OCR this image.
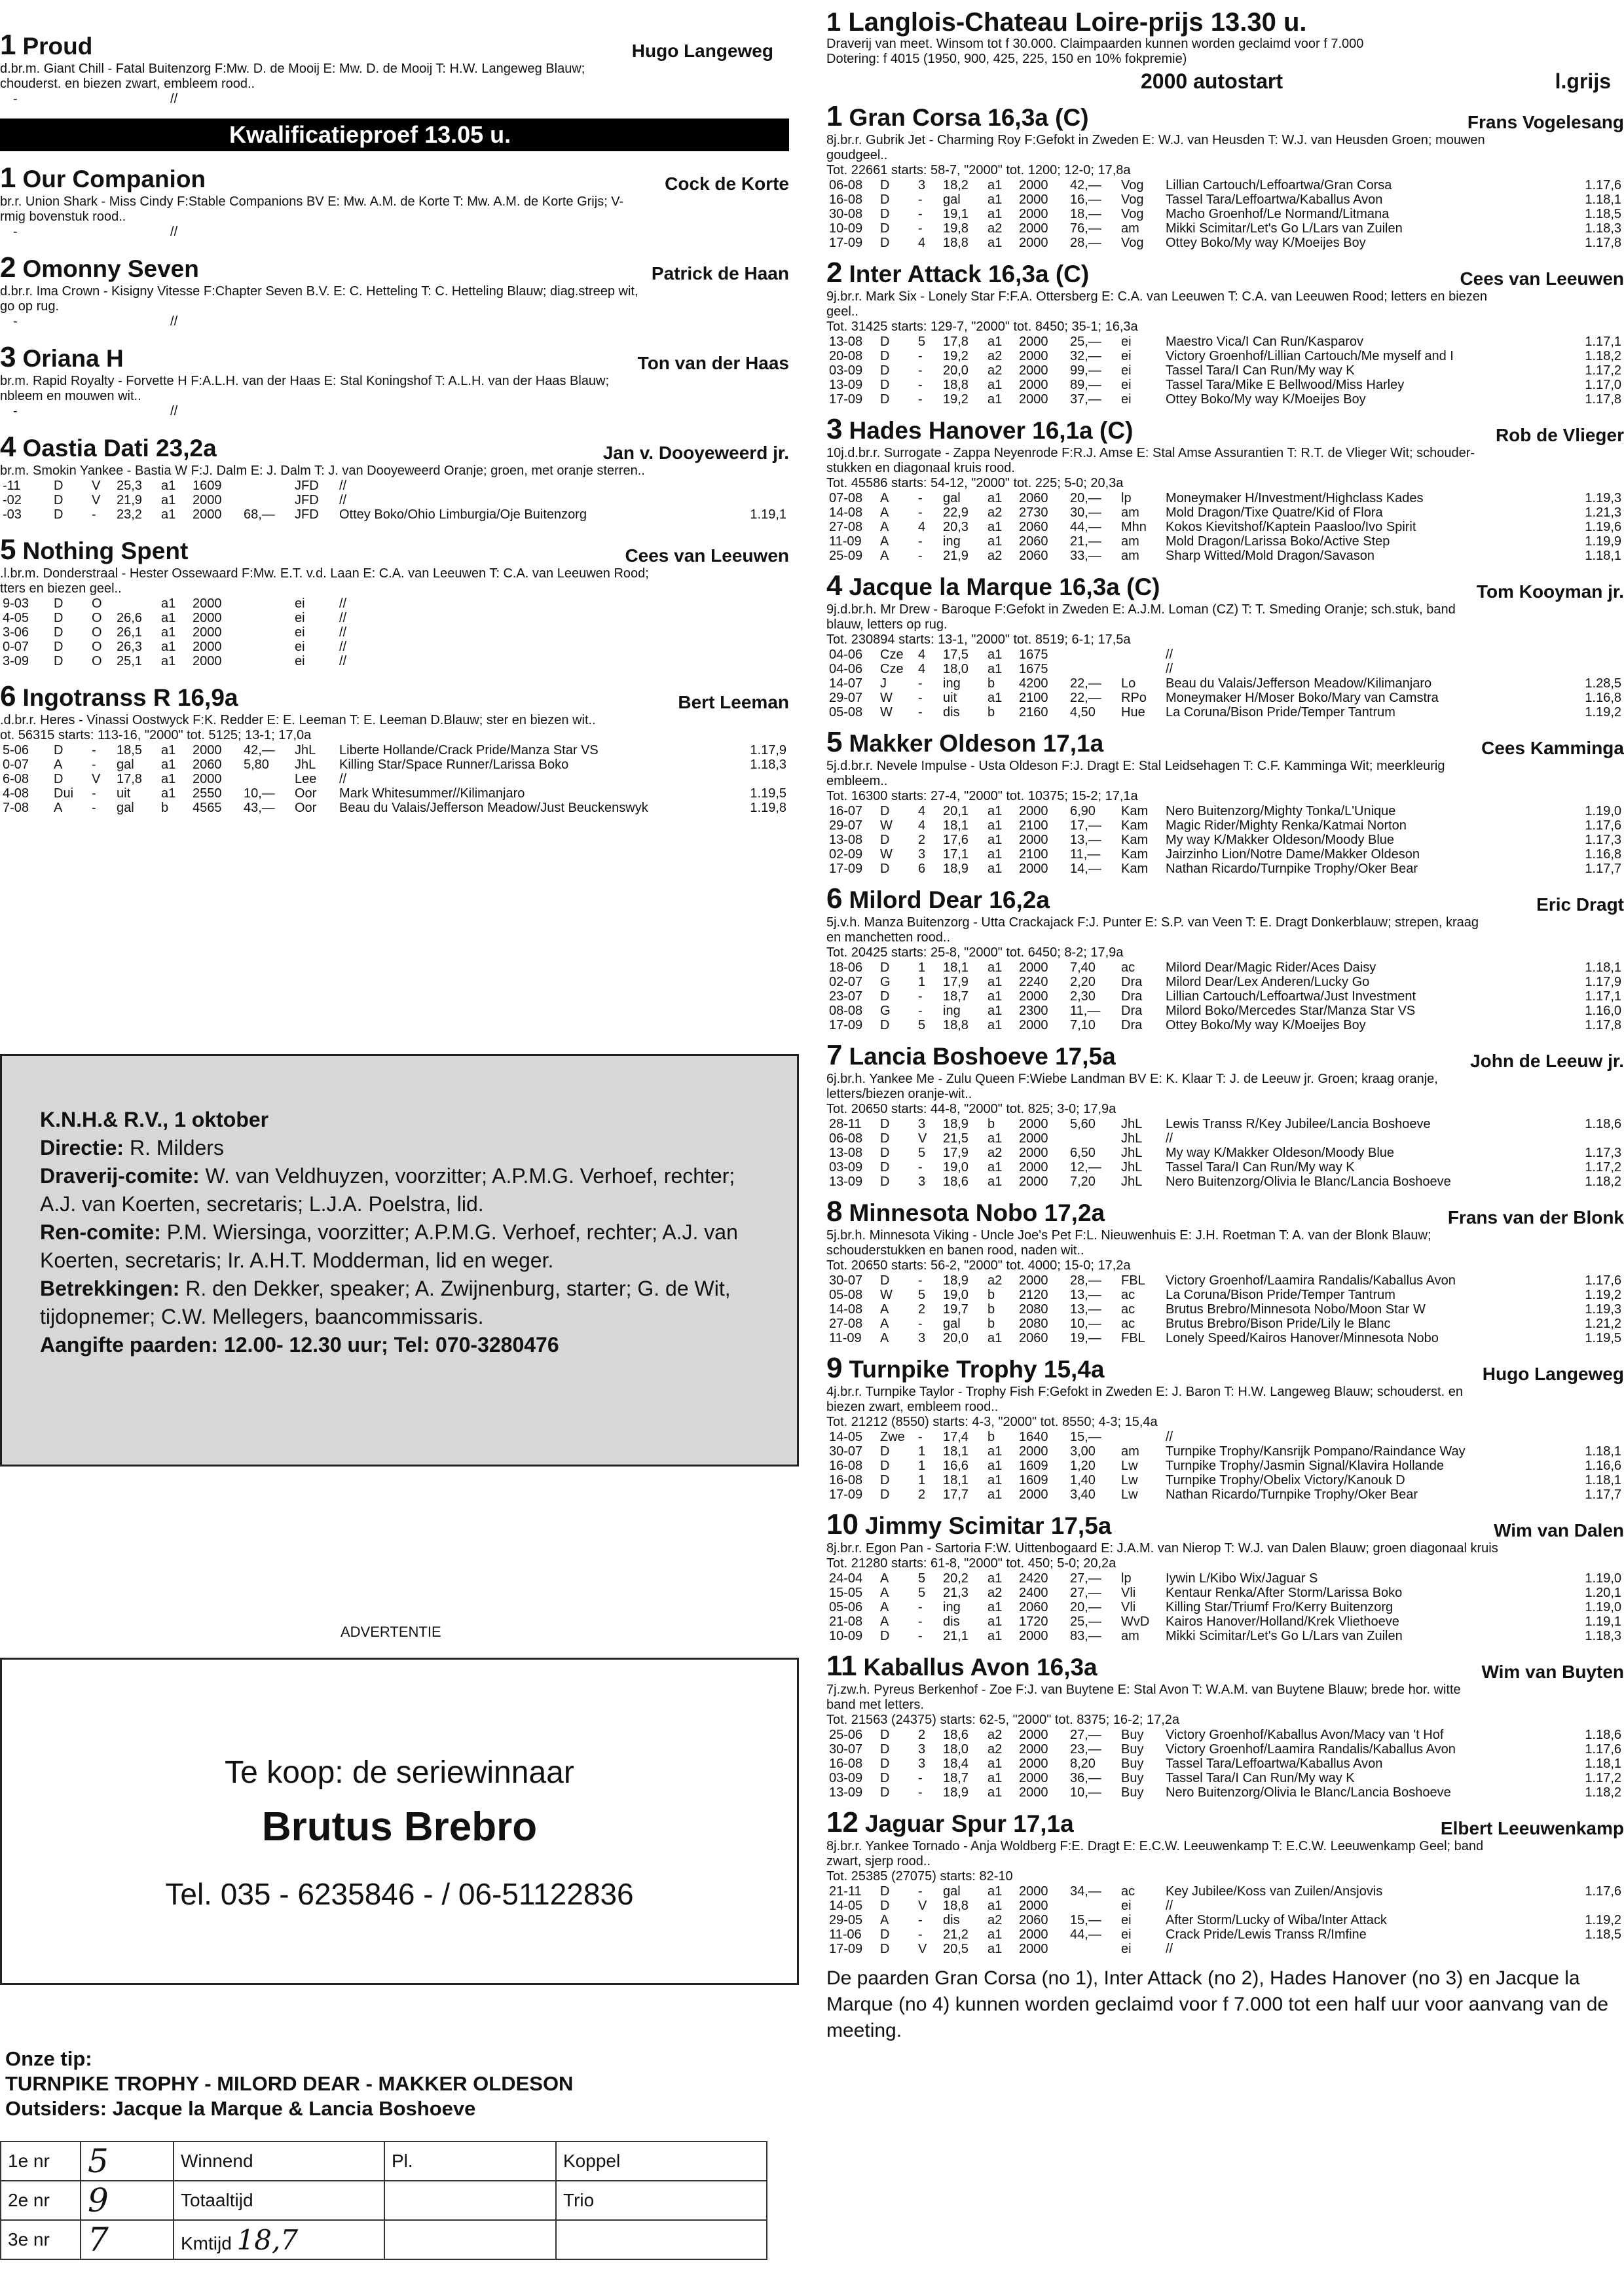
1 Proud	Hugo Langeweg
d.br.m. Giant Chill - Fatal Buitenzorg F:Mw. D. de Mooij E: Mw. D. de Mooij T: H.W. Langeweg Blauw;
chouderst. en biezen zwart, embleem rood..
-                                          //
Kwalificatieproef 13.05 u.
1 Our Companion	Cock de Korte
br.r. Union Shark - Miss Cindy F:Stable Companions BV E: Mw. A.M. de Korte T: Mw. A.M. de Korte Grijs; V-
rmig bovenstuk rood..
-                                          //
2 Omonny Seven	Patrick de Haan
d.br.r. Ima Crown - Kisigny Vitesse F:Chapter Seven B.V. E: C. Hetteling T: C. Hetteling Blauw; diag.streep wit,
go op rug.
-                                          //
3 Oriana H	Ton van der Haas
br.m. Rapid Royalty - Forvette H F:A.L.H. van der Haas E: Stal Koningshof T: A.L.H. van der Haas Blauw;
nbleem en mouwen wit..
-                                          //
4 Oastia Dati 23,2a	Jan v. Dooyeweerd jr.
br.m. Smokin Yankee - Bastia W F:J. Dalm E: J. Dalm T: J. van Dooyeweerd Oranje; groen, met oranje sterren..
-11	D	V	25,3	a1	1609		JFD	//	
-02	D	V	21,9	a1	2000		JFD	//	
-03	D	-	23,2	a1	2000	68,—	JFD	Ottey Boko/Ohio Limburgia/Oje Buitenzorg	1.19,1
5 Nothing Spent	Cees van Leeuwen
.l.br.m. Donderstraal - Hester Ossewaard F:Mw. E.T. v.d. Laan E: C.A. van Leeuwen T: C.A. van Leeuwen Rood;
tters en biezen geel..
9-03	D	O		a1	2000		ei	//	
4-05	D	O	26,6	a1	2000		ei	//	
3-06	D	O	26,1	a1	2000		ei	//	
0-07	D	O	26,3	a1	2000		ei	//	
3-09	D	O	25,1	a1	2000		ei	//	
6 Ingotranss R 16,9a	Bert Leeman
.d.br.r. Heres - Vinassi Oostwyck F:K. Redder E: E. Leeman T: E. Leeman D.Blauw; ster en biezen wit..
ot. 56315 starts: 113-16, "2000" tot. 5125; 13-1; 17,0a
5-06	D	-	18,5	a1	2000	42,—	JhL	Liberte Hollande/Crack Pride/Manza Star VS	1.17,9
0-07	A	-	gal	a1	2060	5,80	JhL	Killing Star/Space Runner/Larissa Boko	1.18,3
6-08	D	V	17,8	a1	2000		Lee	//	
4-08	Dui	-	uit	a1	2550	10,—	Oor	Mark Whitesummer//Kilimanjaro	1.19,5
7-08	A	-	gal	b	4565	43,—	Oor	Beau du Valais/Jefferson Meadow/Just Beuckenswyk	1.19,8
K.N.H.& R.V., 1 oktober
Directie: R. Milders
Draverij-comite: W. van Veldhuyzen, voorzitter; A.P.M.G. Verhoef, rechter; A.J. van Koerten, secretaris; L.J.A. Poelstra, lid.
Ren-comite: P.M. Wiersinga, voorzitter; A.P.M.G. Verhoef, rechter; A.J. van Koerten, secretaris; Ir. A.H.T. Modderman, lid en weger.
Betrekkingen: R. den Dekker, speaker; A. Zwijnenburg, starter; G. de Wit, tijdopnemer; C.W. Mellegers, baancommissaris.
Aangifte paarden: 12.00- 12.30 uur; Tel: 070-3280476
ADVERTENTIE
Te koop: de seriewinnaar
Brutus Brebro
Tel. 035 - 6235846 - / 06-51122836
Onze tip:
TURNPIKE TROPHY - MILORD DEAR - MAKKER OLDESON
Outsiders: Jacque la Marque & Lancia Boshoeve
1e nr	5	Winnend	Pl.	Koppel
2e nr	9	Totaaltijd		Trio
3e nr	7	Kmtijd 18,7		
1 Langlois-Chateau Loire-prijs 13.30 u.
Draverij van meet. Winsom tot f 30.000. Claimpaarden kunnen worden geclaimd voor f 7.000
Dotering: f 4015 (1950, 900, 425, 225, 150 en 10% fokpremie)
2000 autostart	l.grijs
1 Gran Corsa 16,3a (C)	Frans Vogelesang
8j.br.r. Gubrik Jet - Charming Roy F:Gefokt in Zweden E: W.J. van Heusden T: W.J. van Heusden Groen; mouwen
goudgeel..
Tot. 22661 starts: 58-7, "2000" tot. 1200; 12-0; 17,8a
06-08	D	3	18,2	a1	2000	42,—	Vog	Lillian Cartouch/Leffoartwa/Gran Corsa	1.17,6
16-08	D	-	gal	a1	2000	16,—	Vog	Tassel Tara/Leffoartwa/Kaballus Avon	1.18,1
30-08	D	-	19,1	a1	2000	18,—	Vog	Macho Groenhof/Le Normand/Litmana	1.18,5
10-09	D	-	19,8	a2	2000	76,—	am	Mikki Scimitar/Let's Go L/Lars van Zuilen	1.18,3
17-09	D	4	18,8	a1	2000	28,—	Vog	Ottey Boko/My way K/Moeijes Boy	1.17,8
2 Inter Attack 16,3a (C)	Cees van Leeuwen
9j.br.r. Mark Six - Lonely Star F:F.A. Ottersberg E: C.A. van Leeuwen T: C.A. van Leeuwen Rood; letters en biezen
geel..
Tot. 31425 starts: 129-7, "2000" tot. 8450; 35-1; 16,3a
13-08	D	5	17,8	a1	2000	25,—	ei	Maestro Vica/I Can Run/Kasparov	1.17,1
20-08	D	-	19,2	a2	2000	32,—	ei	Victory Groenhof/Lillian Cartouch/Me myself and I	1.18,2
03-09	D	-	20,0	a2	2000	99,—	ei	Tassel Tara/I Can Run/My way K	1.17,2
13-09	D	-	18,8	a1	2000	89,—	ei	Tassel Tara/Mike E Bellwood/Miss Harley	1.17,0
17-09	D	-	19,2	a1	2000	37,—	ei	Ottey Boko/My way K/Moeijes Boy	1.17,8
3 Hades Hanover 16,1a (C)	Rob de Vlieger
10j.d.br.r. Surrogate - Zappa Neyenrode F:R.J. Amse E: Stal Amse Assurantien T: R.T. de Vlieger Wit; schouder-
stukken en diagonaal kruis rood.
Tot. 45586 starts: 54-12, "2000" tot. 225; 5-0; 20,3a
07-08	A	-	gal	a1	2060	20,—	lp	Moneymaker H/Investment/Highclass Kades	1.19,3
14-08	A	-	22,9	a2	2730	30,—	am	Mold Dragon/Tixe Quatre/Kid of Flora	1.21,3
27-08	A	4	20,3	a1	2060	44,—	Mhn	Kokos Kievitshof/Kaptein Paasloo/Ivo Spirit	1.19,6
11-09	A	-	ing	a1	2060	21,—	am	Mold Dragon/Larissa Boko/Active Step	1.19,9
25-09	A	-	21,9	a2	2060	33,—	am	Sharp Witted/Mold Dragon/Savason	1.18,1
4 Jacque la Marque 16,3a (C)	Tom Kooyman jr.
9j.d.br.h. Mr Drew - Baroque F:Gefokt in Zweden E: A.J.M. Loman (CZ) T: T. Smeding Oranje; sch.stuk, band
blauw, letters op rug.
Tot. 230894 starts: 13-1, "2000" tot. 8519; 6-1; 17,5a
04-06	Cze	4	17,5	a1	1675			//	
04-06	Cze	4	18,0	a1	1675			//	
14-07	J	-	ing	b	4200	22,—	Lo	Beau du Valais/Jefferson Meadow/Kilimanjaro	1.28,5
29-07	W	-	uit	a1	2100	22,—	RPo	Moneymaker H/Moser Boko/Mary van Camstra	1.16,8
05-08	W	-	dis	b	2160	4,50	Hue	La Coruna/Bison Pride/Temper Tantrum	1.19,2
5 Makker Oldeson 17,1a	Cees Kamminga
5j.d.br.r. Nevele Impulse - Usta Oldeson F:J. Dragt E: Stal Leidsehagen T: C.F. Kamminga Wit; meerkleurig
embleem..
Tot. 16300 starts: 27-4, "2000" tot. 10375; 15-2; 17,1a
16-07	D	4	20,1	a1	2000	6,90	Kam	Nero Buitenzorg/Mighty Tonka/L'Unique	1.19,0
29-07	W	4	18,1	a1	2100	17,—	Kam	Magic Rider/Mighty Renka/Katmai Norton	1.17,6
13-08	D	2	17,6	a1	2000	13,—	Kam	My way K/Makker Oldeson/Moody Blue	1.17,3
02-09	W	3	17,1	a1	2100	11,—	Kam	Jairzinho Lion/Notre Dame/Makker Oldeson	1.16,8
17-09	D	6	18,9	a1	2000	14,—	Kam	Nathan Ricardo/Turnpike Trophy/Oker Bear	1.17,7
6 Milord Dear 16,2a	Eric Dragt
5j.v.h. Manza Buitenzorg - Utta Crackajack F:J. Punter E: S.P. van Veen T: E. Dragt Donkerblauw; strepen, kraag
en manchetten rood..
Tot. 20425 starts: 25-8, "2000" tot. 6450; 8-2; 17,9a
18-06	D	1	18,1	a1	2000	7,40	ac	Milord Dear/Magic Rider/Aces Daisy	1.18,1
02-07	G	1	17,9	a1	2240	2,20	Dra	Milord Dear/Lex Anderen/Lucky Go	1.17,9
23-07	D	-	18,7	a1	2000	2,30	Dra	Lillian Cartouch/Leffoartwa/Just Investment	1.17,1
08-08	G	-	ing	a1	2300	11,—	Dra	Milord Boko/Mercedes Star/Manza Star VS	1.16,0
17-09	D	5	18,8	a1	2000	7,10	Dra	Ottey Boko/My way K/Moeijes Boy	1.17,8
7 Lancia Boshoeve 17,5a	John de Leeuw jr.
6j.br.h. Yankee Me - Zulu Queen F:Wiebe Landman BV E: K. Klaar T: J. de Leeuw jr. Groen; kraag oranje,
letters/biezen oranje-wit..
Tot. 20650 starts: 44-8, "2000" tot. 825; 3-0; 17,9a
28-11	D	3	18,9	b	2000	5,60	JhL	Lewis Transs R/Key Jubilee/Lancia Boshoeve	1.18,6
06-08	D	V	21,5	a1	2000		JhL	//	
13-08	D	5	17,9	a2	2000	6,50	JhL	My way K/Makker Oldeson/Moody Blue	1.17,3
03-09	D	-	19,0	a1	2000	12,—	JhL	Tassel Tara/I Can Run/My way K	1.17,2
13-09	D	3	18,6	a1	2000	7,20	JhL	Nero Buitenzorg/Olivia le Blanc/Lancia Boshoeve	1.18,2
8 Minnesota Nobo 17,2a	Frans van der Blonk
5j.br.h. Minnesota Viking - Uncle Joe's Pet F:L. Nieuwenhuis E: J.H. Roetman T: A. van der Blonk Blauw;
schouderstukken en banen rood, naden wit..
Tot. 20650 starts: 56-2, "2000" tot. 4000; 15-0; 17,2a
30-07	D	-	18,9	a2	2000	28,—	FBL	Victory Groenhof/Laamira Randalis/Kaballus Avon	1.17,6
05-08	W	5	19,0	b	2120	13,—	ac	La Coruna/Bison Pride/Temper Tantrum	1.19,2
14-08	A	2	19,7	b	2080	13,—	ac	Brutus Brebro/Minnesota Nobo/Moon Star W	1.19,3
27-08	A	-	gal	b	2080	10,—	ac	Brutus Brebro/Bison Pride/Lily le Blanc	1.21,2
11-09	A	3	20,0	a1	2060	19,—	FBL	Lonely Speed/Kairos Hanover/Minnesota Nobo	1.19,5
9 Turnpike Trophy 15,4a	Hugo Langeweg
4j.br.r. Turnpike Taylor - Trophy Fish F:Gefokt in Zweden E: J. Baron T: H.W. Langeweg Blauw; schouderst. en
biezen zwart, embleem rood..
Tot. 21212 (8550) starts: 4-3, "2000" tot. 8550; 4-3; 15,4a
14-05	Zwe	-	17,4	b	1640	15,—		//	
30-07	D	1	18,1	a1	2000	3,00	am	Turnpike Trophy/Kansrijk Pompano/Raindance Way	1.18,1
16-08	D	1	16,6	a1	1609	1,20	Lw	Turnpike Trophy/Jasmin Signal/Klavira Hollande	1.16,6
16-08	D	1	18,1	a1	1609	1,40	Lw	Turnpike Trophy/Obelix Victory/Kanouk D	1.18,1
17-09	D	2	17,7	a1	2000	3,40	Lw	Nathan Ricardo/Turnpike Trophy/Oker Bear	1.17,7
10 Jimmy Scimitar 17,5a	Wim van Dalen
8j.br.r. Egon Pan - Sartoria F:W. Uittenbogaard E: J.A.M. van Nierop T: W.J. van Dalen Blauw; groen diagonaal kruis
Tot. 21280 starts: 61-8, "2000" tot. 450; 5-0; 20,2a
24-04	A	5	20,2	a1	2420	27,—	lp	Iywin L/Kibo Wix/Jaguar S	1.19,0
15-05	A	5	21,3	a2	2400	27,—	Vli	Kentaur Renka/After Storm/Larissa Boko	1.20,1
05-06	A	-	ing	a1	2060	20,—	Vli	Killing Star/Triumf Fro/Kerry Buitenzorg	1.19,0
21-08	A	-	dis	a1	1720	25,—	WvD	Kairos Hanover/Holland/Krek Vliethoeve	1.19,1
10-09	D	-	21,1	a1	2000	83,—	am	Mikki Scimitar/Let's Go L/Lars van Zuilen	1.18,3
11 Kaballus Avon 16,3a	Wim van Buyten
7j.zw.h. Pyreus Berkenhof - Zoe F:J. van Buytene E: Stal Avon T: W.A.M. van Buytene Blauw; brede hor. witte
band met letters.
Tot. 21563 (24375) starts: 62-5, "2000" tot. 8375; 16-2; 17,2a
25-06	D	2	18,6	a2	2000	27,—	Buy	Victory Groenhof/Kaballus Avon/Macy van 't Hof	1.18,6
30-07	D	3	18,0	a2	2000	23,—	Buy	Victory Groenhof/Laamira Randalis/Kaballus Avon	1.17,6
16-08	D	3	18,4	a1	2000	8,20	Buy	Tassel Tara/Leffoartwa/Kaballus Avon	1.18,1
03-09	D	-	18,7	a1	2000	36,—	Buy	Tassel Tara/I Can Run/My way K	1.17,2
13-09	D	-	18,9	a1	2000	10,—	Buy	Nero Buitenzorg/Olivia le Blanc/Lancia Boshoeve	1.18,2
12 Jaguar Spur 17,1a	Elbert Leeuwenkamp
8j.br.r. Yankee Tornado - Anja Woldberg F:E. Dragt E: E.C.W. Leeuwenkamp T: E.C.W. Leeuwenkamp Geel; band
zwart, sjerp rood..
Tot. 25385 (27075) starts: 82-10
21-11	D	-	gal	a1	2000	34,—	ac	Key Jubilee/Koss van Zuilen/Ansjovis	1.17,6
14-05	D	V	18,8	a1	2000		ei	//	
29-05	A	-	dis	a2	2060	15,—	ei	After Storm/Lucky of Wiba/Inter Attack	1.19,2
11-06	D	-	21,2	a1	2000	44,—	ei	Crack Pride/Lewis Transs R/Imfine	1.18,5
17-09	D	V	20,5	a1	2000		ei	//	
De paarden Gran Corsa (no 1), Inter Attack (no 2), Hades Hanover (no 3) en Jacque la Marque (no 4) kunnen worden geclaimd voor f 7.000 tot een half uur voor aanvang van de meeting.
